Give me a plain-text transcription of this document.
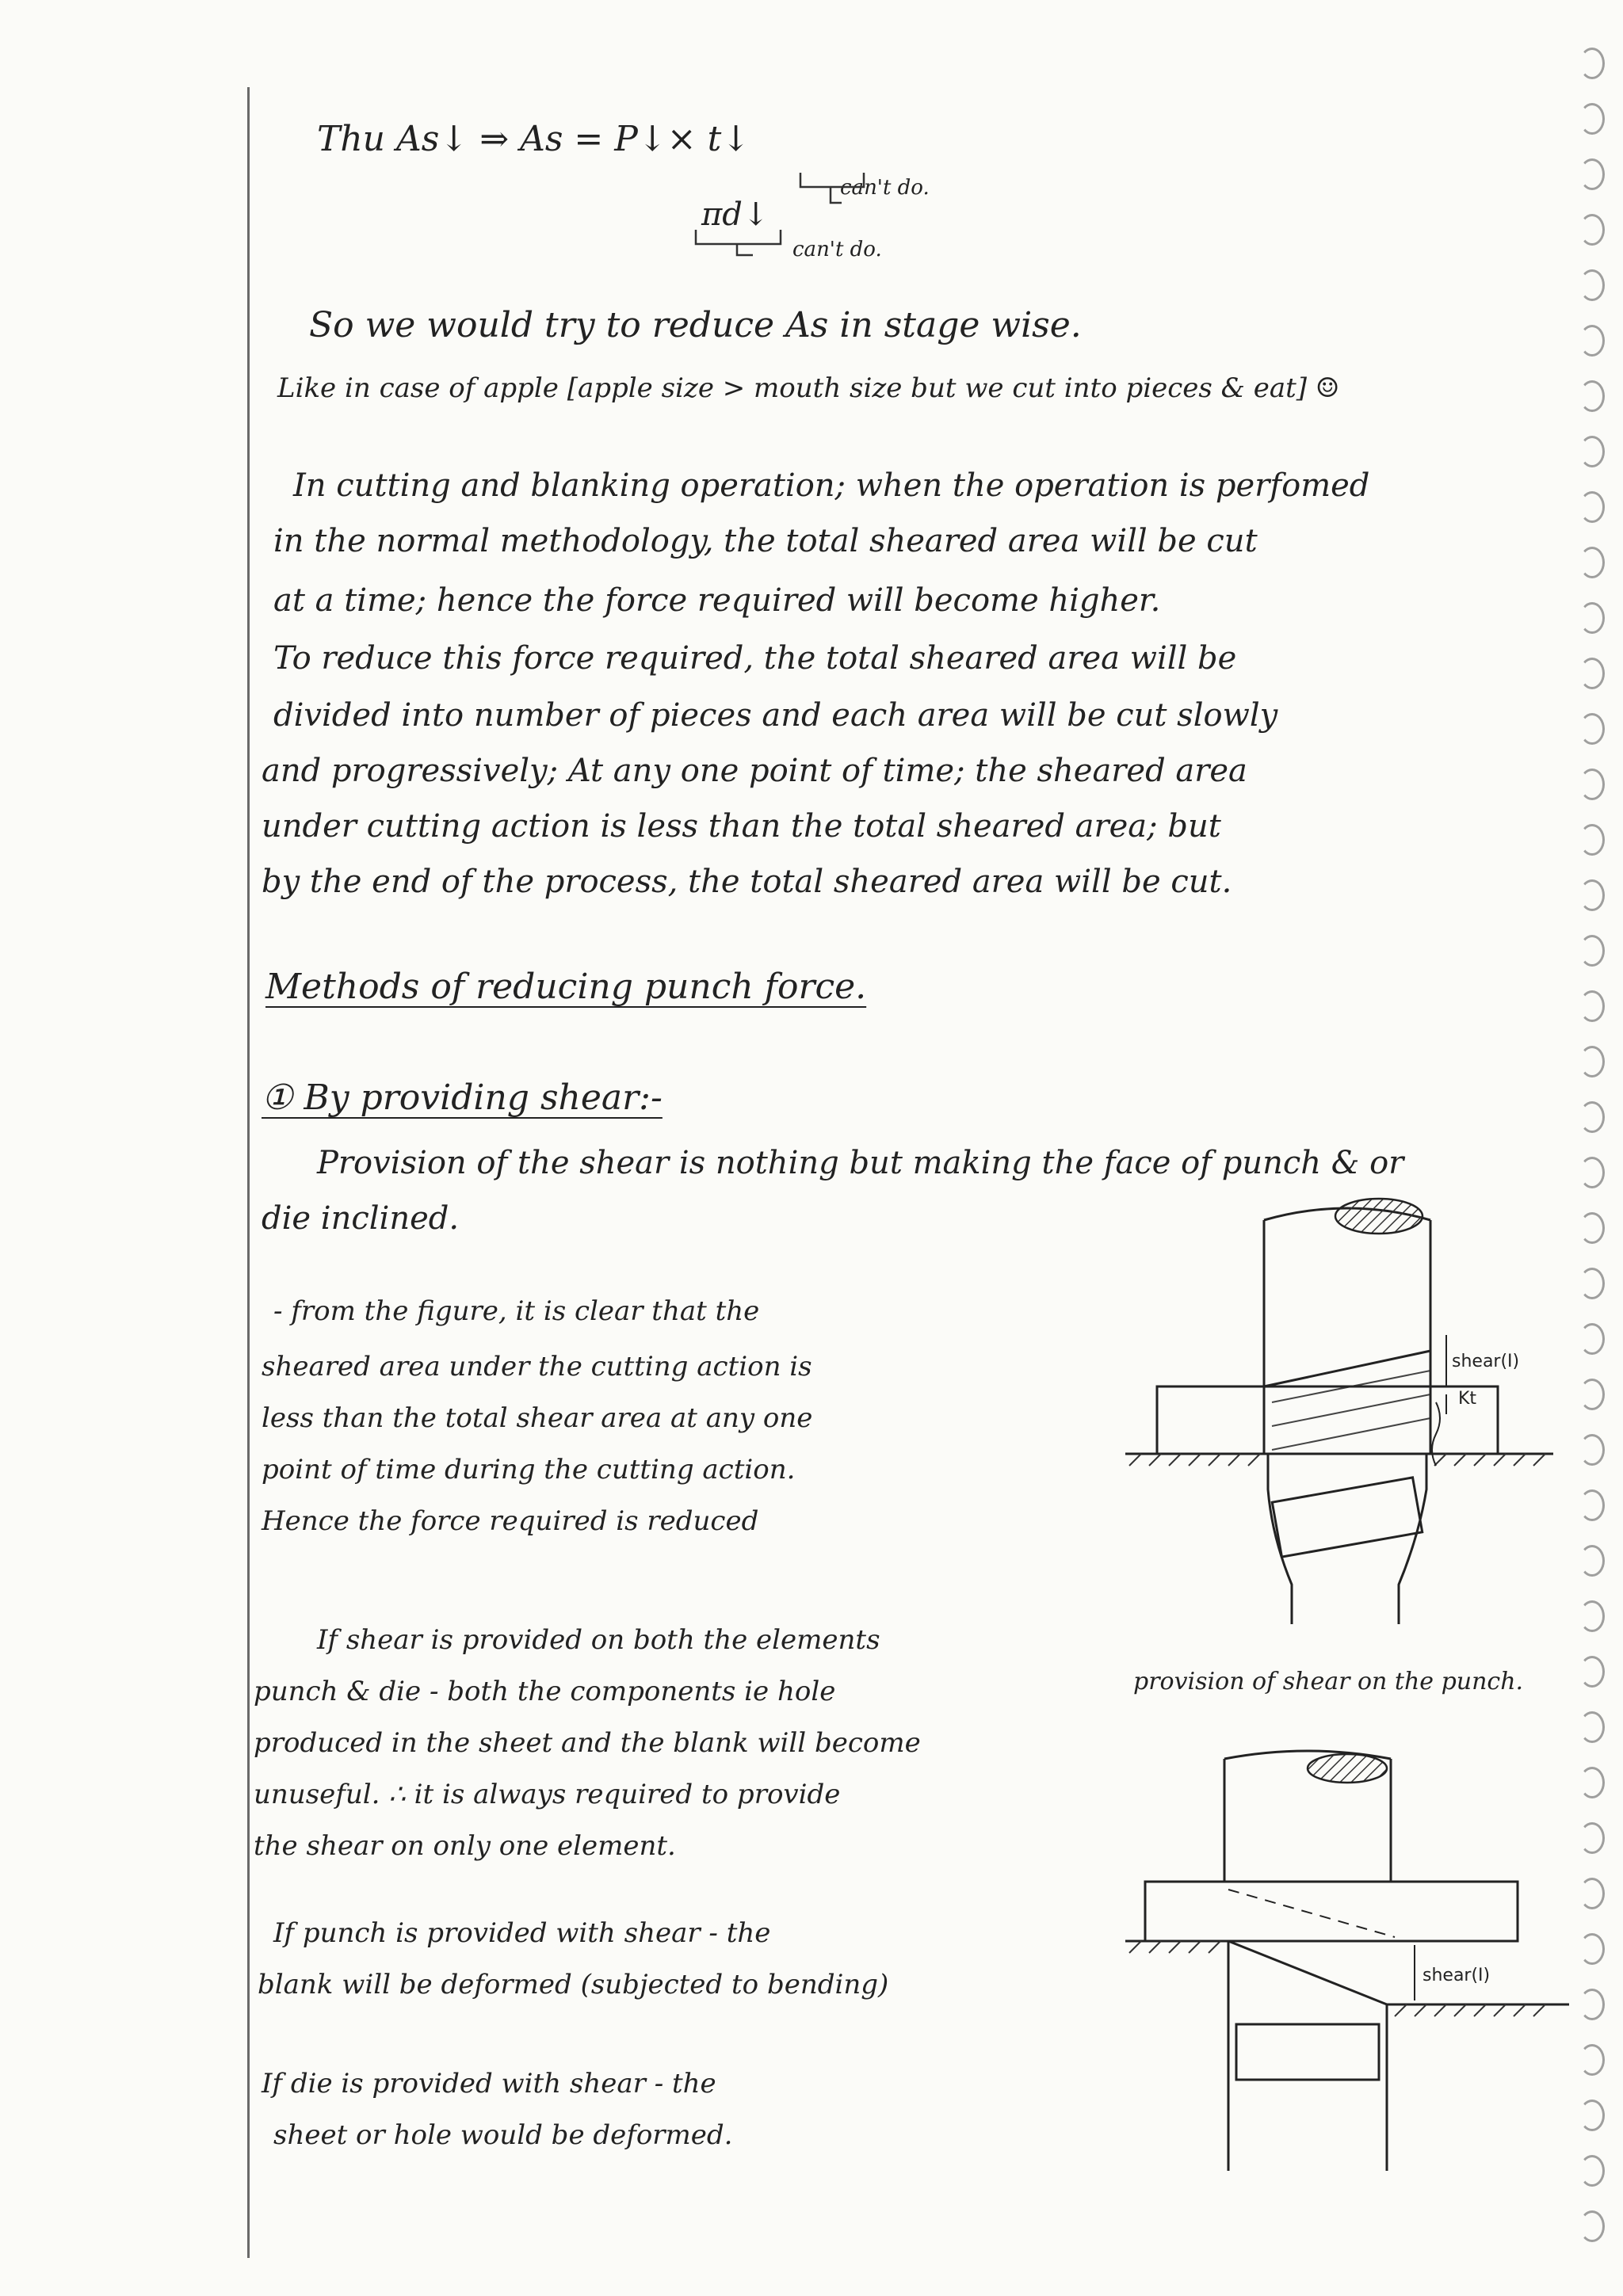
Thu As↓ ⇒ As = P↓× t↓
can't do.
πd↓
can't do.
So we would try to reduce As in stage wise.
Like in case of apple [apple size > mouth size but we cut into pieces & eat] ☺
In cutting and blanking operation; when the operation is perfomed
in the normal methodology, the total sheared area will be cut
at a time; hence the force required will become higher.
To reduce this force required, the total sheared area will be
divided into number of pieces and each area will be cut slowly
and progressively; At any one point of time; the sheared area
under cutting action is less than the total sheared area; but
by the end of the process, the total sheared area will be cut.
Methods of reducing punch force.
① By providing shear:-
Provision of the shear is nothing but making the face of punch & or
die inclined.
- from the figure, it is clear that the
sheared area under the cutting action is
less than the total shear area at any one
point of time during the cutting action.
Hence the force required is reduced
If shear is provided on both the elements
punch & die - both the components ie hole
produced in the sheet and the blank will become
unuseful. ∴ it is always required to provide
the shear on only one element.
If punch is provided with shear - the
blank will be deformed (subjected to bending)
If die is provided with shear - the
sheet or hole would be deformed.
shear(I)
Kt
provision of shear on the punch.
shear(I)
